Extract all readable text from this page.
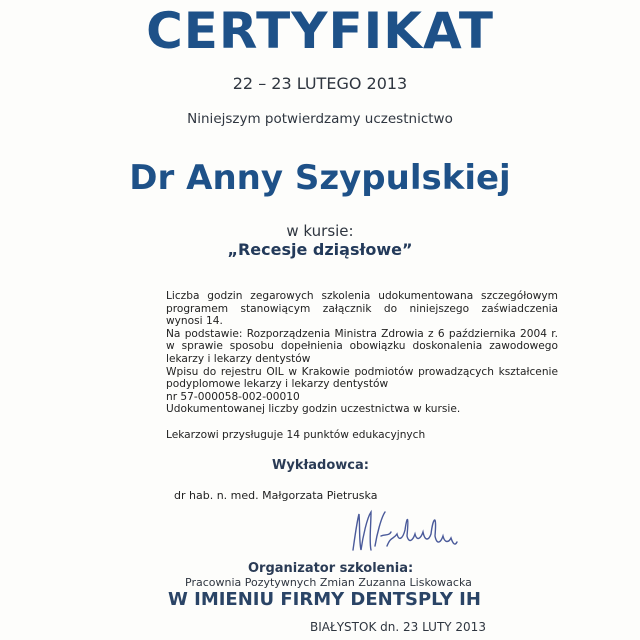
CERTYFIKAT
22 – 23 LUTEGO 2013
Niniejszym potwierdzamy uczestnictwo
Dr Anny Szypulskiej
w kursie:
„Recesje dziąsłowe”
Liczba godzin zegarowych szkolenia udokumentowana szczegółowym
programem stanowiącym załącznik do niniejszego zaświadczenia
wynosi 14.
Na podstawie: Rozporządzenia Ministra Zdrowia z 6 października 2004 r.
w sprawie sposobu dopełnienia obowiązku doskonalenia zawodowego
lekarzy i lekarzy dentystów
Wpisu do rejestru OIL w Krakowie podmiotów prowadzących kształcenie
podyplomowe lekarzy i lekarzy dentystów
nr 57-000058-002-00010
Udokumentowanej liczby godzin uczestnictwa w kursie.
Lekarzowi przysługuje 14 punktów edukacyjnych
Wykładowca:
dr hab. n. med. Małgorzata Pietruska
Organizator szkolenia:
Pracownia Pozytywnych Zmian Zuzanna Liskowacka
W IMIENIU FIRMY DENTSPLY IH
BIAŁYSTOK dn. 23 LUTY 2013
